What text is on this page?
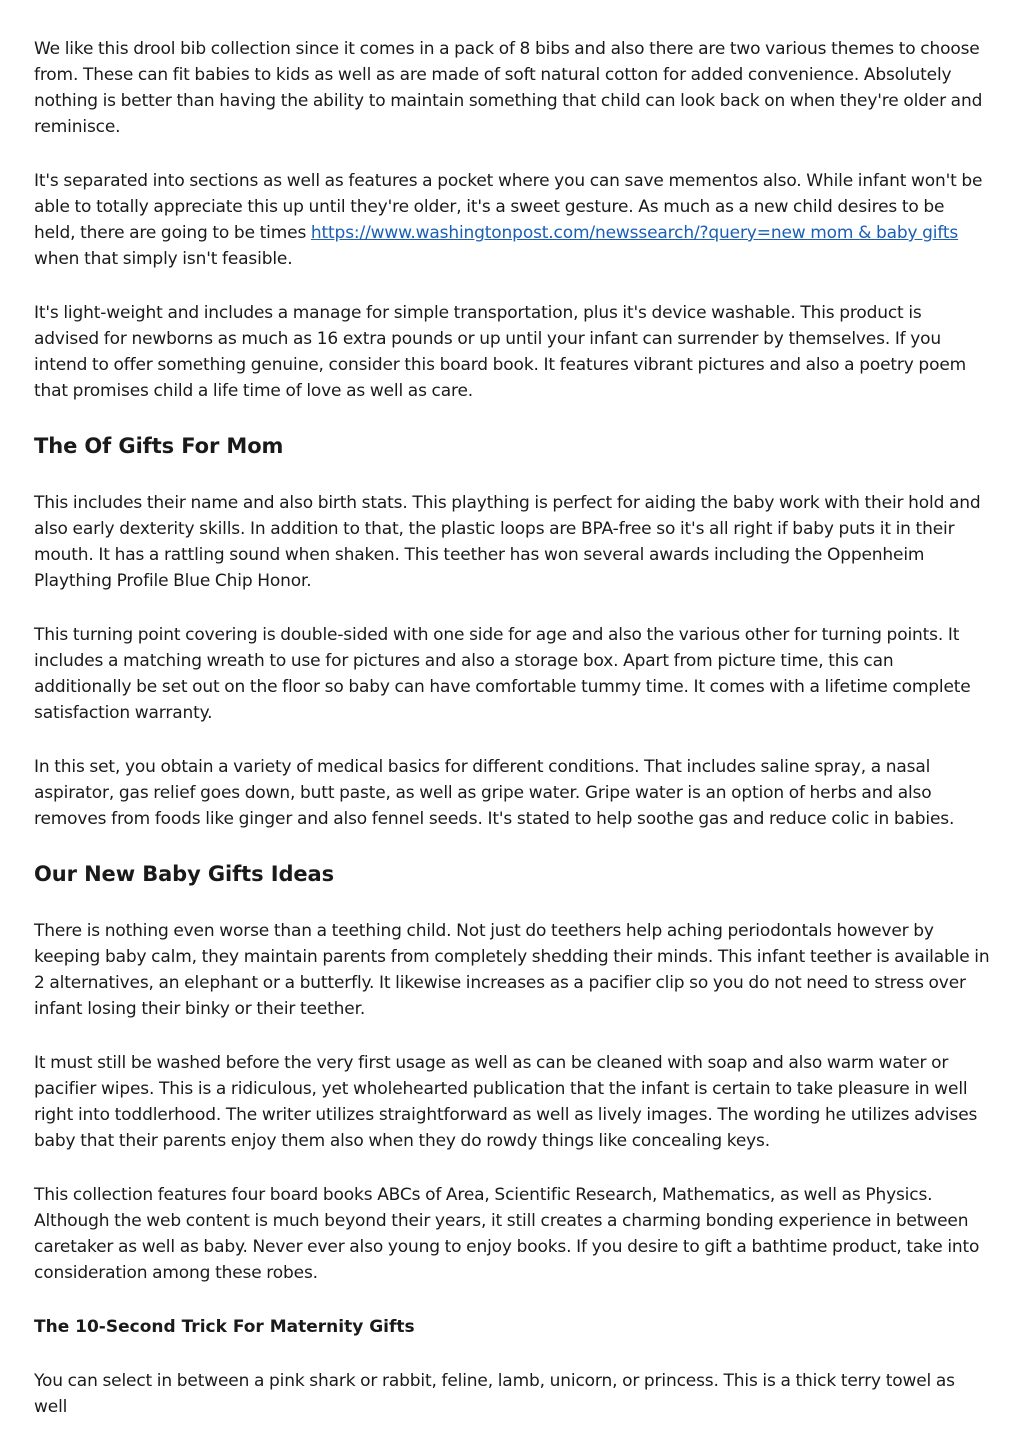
We like this drool bib collection since it comes in a pack of 8 bibs and also there are two various themes to choose from. These can fit babies to kids as well as are made of soft natural cotton for added convenience. Absolutely nothing is better than having the ability to maintain something that child can look back on when they're older and reminisce.

It's separated into sections as well as features a pocket where you can save mementos also. While infant won't be able to totally appreciate this up until they're older, it's a sweet gesture. As much as a new child desires to be held, there are going to be times https://www.washingtonpost.com/newssearch/?query=new mom & baby gifts when that simply isn't feasible.

It's light-weight and includes a manage for simple transportation, plus it's device washable. This product is advised for newborns as much as 16 extra pounds or up until your infant can surrender by themselves. If you intend to offer something genuine, consider this board book. It features vibrant pictures and also a poetry poem that promises child a life time of love as well as care.

The Of Gifts For Mom

This includes their name and also birth stats. This plaything is perfect for aiding the baby work with their hold and also early dexterity skills. In addition to that, the plastic loops are BPA-free so it's all right if baby puts it in their mouth. It has a rattling sound when shaken. This teether has won several awards including the Oppenheim Plaything Profile Blue Chip Honor.

This turning point covering is double-sided with one side for age and also the various other for turning points. It includes a matching wreath to use for pictures and also a storage box. Apart from picture time, this can additionally be set out on the floor so baby can have comfortable tummy time. It comes with a lifetime complete satisfaction warranty.

In this set, you obtain a variety of medical basics for different conditions. That includes saline spray, a nasal aspirator, gas relief goes down, butt paste, as well as gripe water. Gripe water is an option of herbs and also removes from foods like ginger and also fennel seeds. It's stated to help soothe gas and reduce colic in babies.

Our New Baby Gifts Ideas

There is nothing even worse than a teething child. Not just do teethers help aching periodontals however by keeping baby calm, they maintain parents from completely shedding their minds. This infant teether is available in 2 alternatives, an elephant or a butterfly. It likewise increases as a pacifier clip so you do not need to stress over infant losing their binky or their teether.

It must still be washed before the very first usage as well as can be cleaned with soap and also warm water or pacifier wipes. This is a ridiculous, yet wholehearted publication that the infant is certain to take pleasure in well right into toddlerhood. The writer utilizes straightforward as well as lively images. The wording he utilizes advises baby that their parents enjoy them also when they do rowdy things like concealing keys.

This collection features four board books ABCs of Area, Scientific Research, Mathematics, as well as Physics. Although the web content is much beyond their years, it still creates a charming bonding experience in between caretaker as well as baby. Never ever also young to enjoy books. If you desire to gift a bathtime product, take into consideration among these robes.

The 10-Second Trick For Maternity Gifts

You can select in between a pink shark or rabbit, feline, lamb, unicorn, or princess. This is a thick terry towel as well
